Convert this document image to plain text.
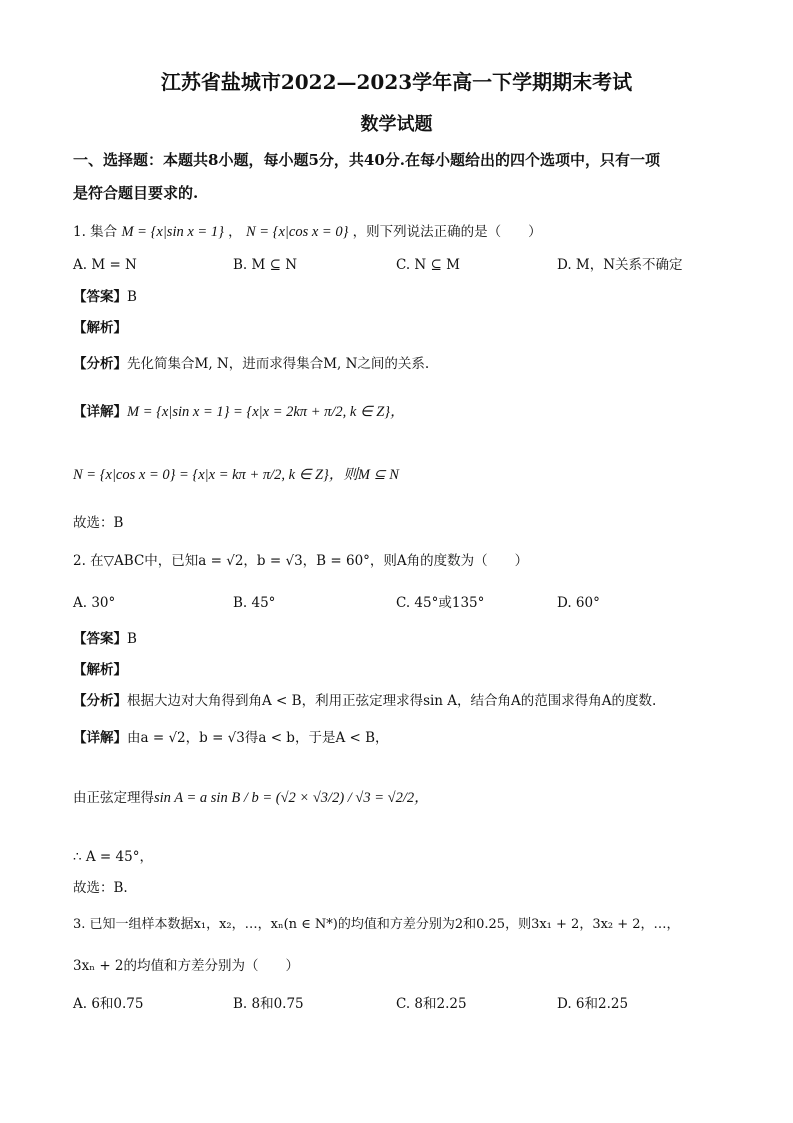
江苏省盐城市2022—2023学年高一下学期期末考试
数学试题
一、选择题：本题共8小题，每小题5分，共40分.在每小题给出的四个选项中，只有一项
是符合题目要求的.
1. 集合 M = {x|sin x = 1} ， N = {x|cos x = 0} ，则下列说法正确的是（　　）
A. M = N	B. M ⊆ N	C. N ⊆ M	D. M，N关系不确定
【答案】B
【解析】
【分析】先化简集合M, N，进而求得集合M, N之间的关系.
【详解】M = {x|sin x = 1} = {x|x = 2kπ + π/2, k ∈ Z}，
N = {x|cos x = 0} = {x|x = kπ + π/2, k ∈ Z}，则M ⊆ N
故选：B
2. 在▽ABC中，已知a = √2，b = √3，B = 60°，则A角的度数为（　　）
A. 30°	B. 45°	C. 45°或135°	D. 60°
【答案】B
【解析】
【分析】根据大边对大角得到角A < B，利用正弦定理求得sin A，结合角A的范围求得角A的度数.
【详解】由a = √2，b = √3得a < b，于是A < B，
由正弦定理得sin A = a sin B / b = (√2 × √3/2) / √3 = √2/2，
∴ A = 45°，
故选：B.
3. 已知一组样本数据x₁，x₂，…，xₙ(n ∈ N*)的均值和方差分别为2和0.25，则3x₁ + 2，3x₂ + 2，…，
3xₙ + 2的均值和方差分别为（　　）
A. 6和0.75	B. 8和0.75	C. 8和2.25	D. 6和2.25
